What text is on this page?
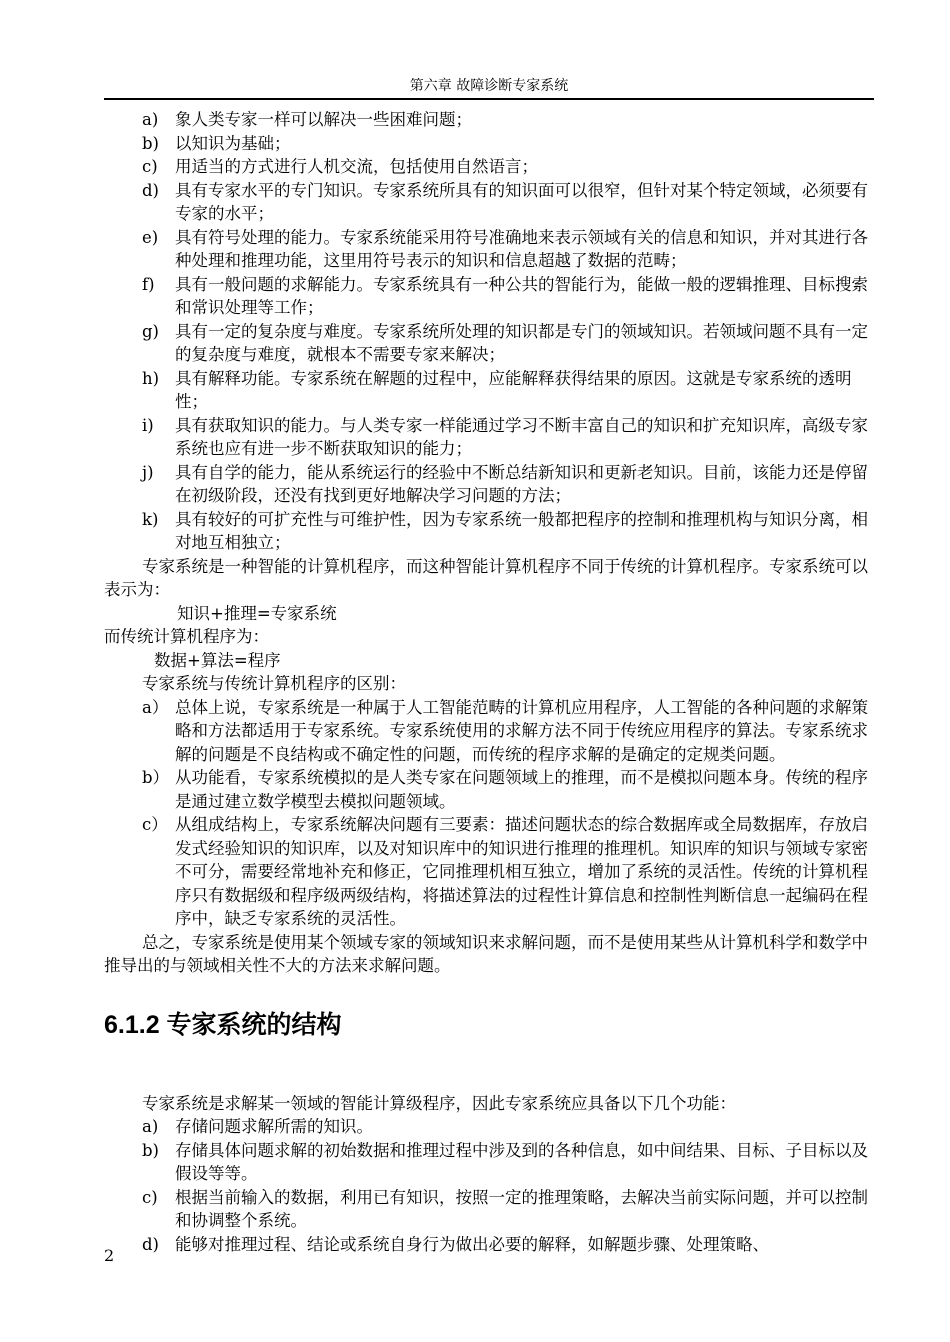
第六章 故障诊断专家系统
a) 象人类专家一样可以解决一些困难问题；
b) 以知识为基础；
c) 用适当的方式进行人机交流，包括使用自然语言；
d) 具有专家水平的专门知识。专家系统所具有的知识面可以很窄，但针对某个特定领域，必须要有专家的水平；
e) 具有符号处理的能力。专家系统能采用符号准确地来表示领域有关的信息和知识，并对其进行各种处理和推理功能，这里用符号表示的知识和信息超越了数据的范畴；
f) 具有一般问题的求解能力。专家系统具有一种公共的智能行为，能做一般的逻辑推理、目标搜索和常识处理等工作；
g) 具有一定的复杂度与难度。专家系统所处理的知识都是专门的领域知识。若领域问题不具有一定的复杂度与难度，就根本不需要专家来解决；
h) 具有解释功能。专家系统在解题的过程中，应能解释获得结果的原因。这就是专家系统的透明性；
i) 具有获取知识的能力。与人类专家一样能通过学习不断丰富自己的知识和扩充知识库，高级专家系统也应有进一步不断获取知识的能力；
j) 具有自学的能力，能从系统运行的经验中不断总结新知识和更新老知识。目前，该能力还是停留在初级阶段，还没有找到更好地解决学习问题的方法；
k) 具有较好的可扩充性与可维护性，因为专家系统一般都把程序的控制和推理机构与知识分离，相对地互相独立；
专家系统是一种智能的计算机程序，而这种智能计算机程序不同于传统的计算机程序。专家系统可以表示为：
知识+推理=专家系统
而传统计算机程序为：
数据+算法=程序
专家系统与传统计算机程序的区别：
a） 总体上说，专家系统是一种属于人工智能范畴的计算机应用程序，人工智能的各种问题的求解策略和方法都适用于专家系统。专家系统使用的求解方法不同于传统应用程序的算法。专家系统求解的问题是不良结构或不确定性的问题，而传统的程序求解的是确定的定规类问题。
b） 从功能看，专家系统模拟的是人类专家在问题领域上的推理，而不是模拟问题本身。传统的程序是通过建立数学模型去模拟问题领域。
c） 从组成结构上，专家系统解决问题有三要素：描述问题状态的综合数据库或全局数据库，存放启发式经验知识的知识库，以及对知识库中的知识进行推理的推理机。知识库的知识与领域专家密不可分，需要经常地补充和修正，它同推理机相互独立，增加了系统的灵活性。传统的计算机程序只有数据级和程序级两级结构，将描述算法的过程性计算信息和控制性判断信息一起编码在程序中，缺乏专家系统的灵活性。
总之，专家系统是使用某个领域专家的领域知识来求解问题，而不是使用某些从计算机科学和数学中推导出的与领域相关性不大的方法来求解问题。
6.1.2 专家系统的结构
专家系统是求解某一领域的智能计算级程序，因此专家系统应具备以下几个功能：
a) 存储问题求解所需的知识。
b) 存储具体问题求解的初始数据和推理过程中涉及到的各种信息，如中间结果、目标、子目标以及假设等等。
c) 根据当前输入的数据，利用已有知识，按照一定的推理策略，去解决当前实际问题，并可以控制和协调整个系统。
d) 能够对推理过程、结论或系统自身行为做出必要的解释，如解题步骤、处理策略、
2
